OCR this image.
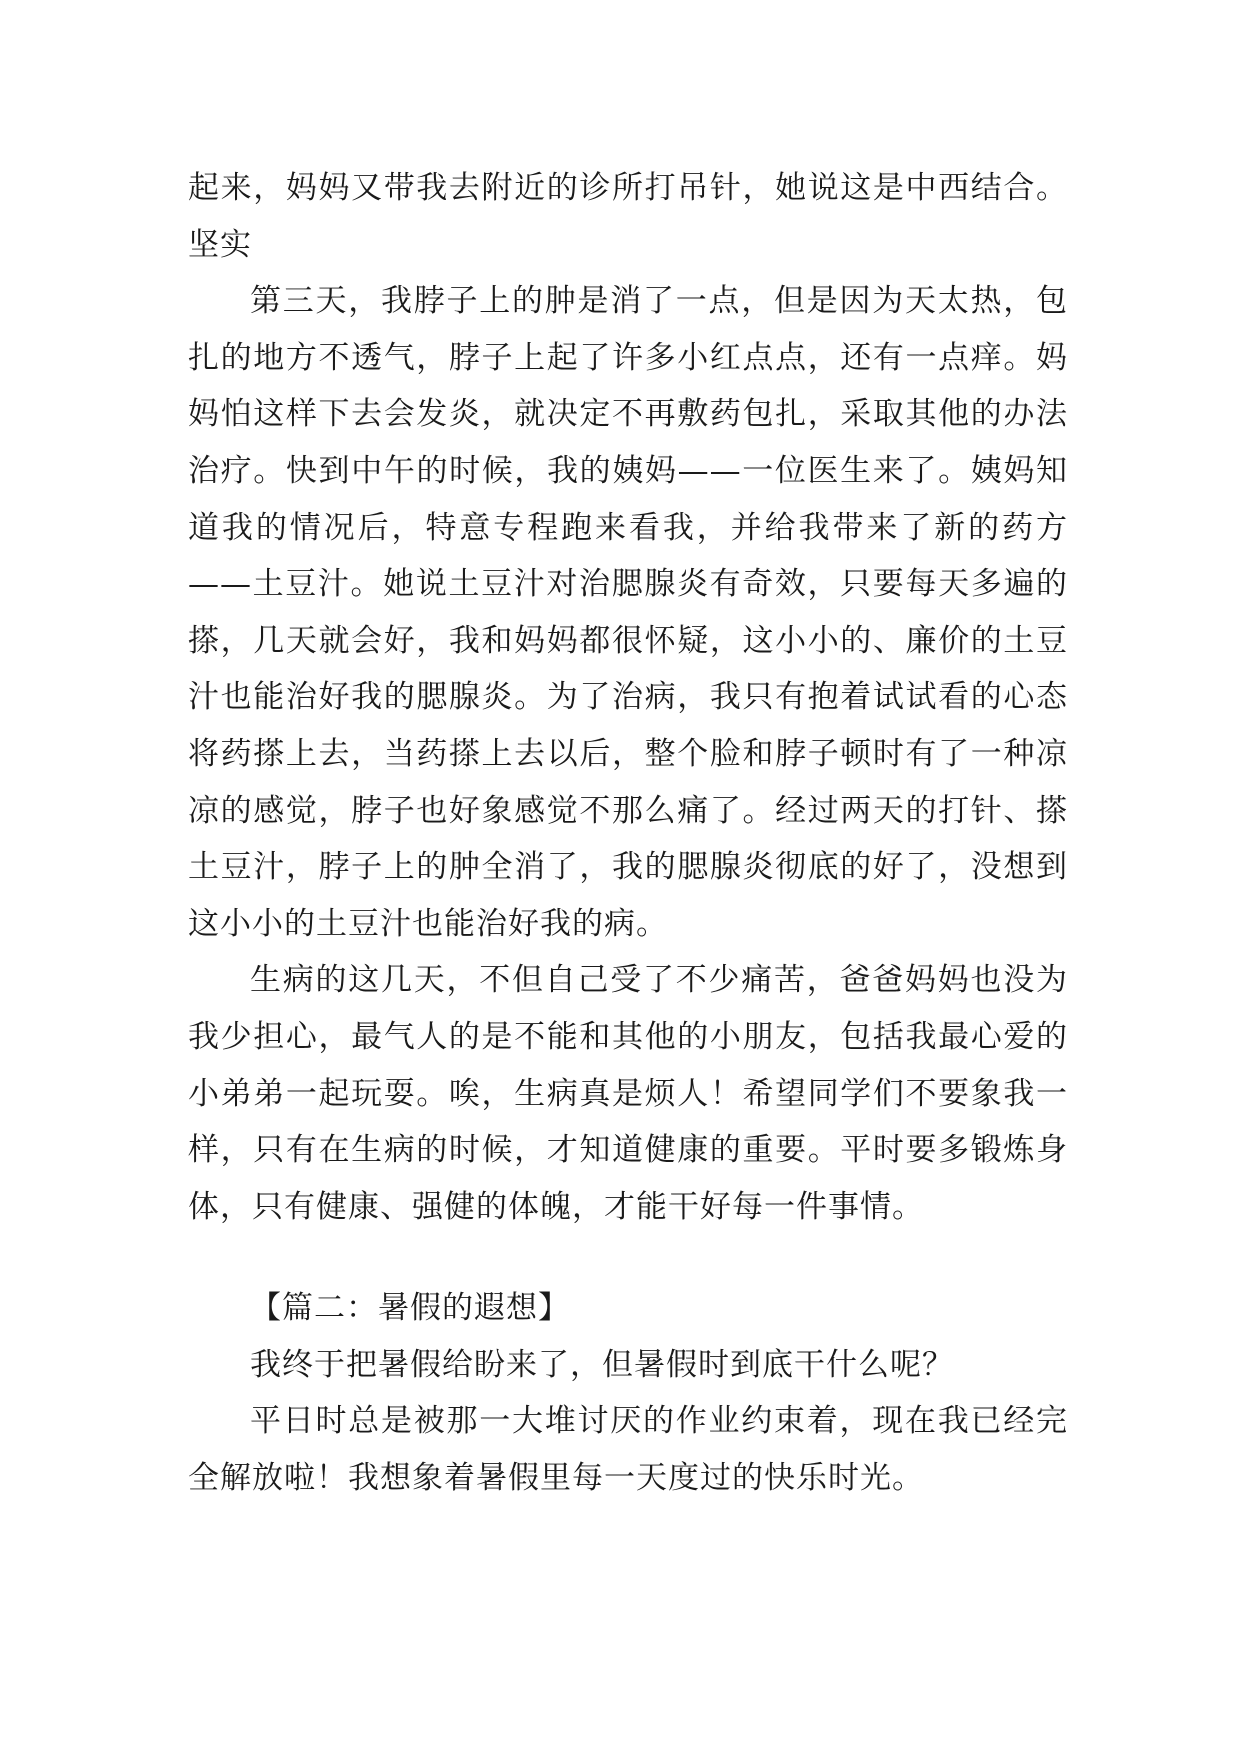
起来，妈妈又带我去附近的诊所打吊针，她说这是中西结合。坚实

第三天，我脖子上的肿是消了一点，但是因为天太热，包扎的地方不透气，脖子上起了许多小红点点，还有一点痒。妈妈怕这样下去会发炎，就决定不再敷药包扎，采取其他的办法治疗。快到中午的时候，我的姨妈——一位医生来了。姨妈知道我的情况后，特意专程跑来看我，并给我带来了新的药方——土豆汁。她说土豆汁对治腮腺炎有奇效，只要每天多遍的搽，几天就会好，我和妈妈都很怀疑，这小小的、廉价的土豆汁也能治好我的腮腺炎。为了治病，我只有抱着试试看的心态将药搽上去，当药搽上去以后，整个脸和脖子顿时有了一种凉凉的感觉，脖子也好象感觉不那么痛了。经过两天的打针、搽土豆汁，脖子上的肿全消了，我的腮腺炎彻底的好了，没想到这小小的土豆汁也能治好我的病。

生病的这几天，不但自己受了不少痛苦，爸爸妈妈也没为我少担心，最气人的是不能和其他的小朋友，包括我最心爱的小弟弟一起玩耍。唉，生病真是烦人！希望同学们不要象我一样，只有在生病的时候，才知道健康的重要。平时要多锻炼身体，只有健康、强健的体魄，才能干好每一件事情。

【篇二：暑假的遐想】

我终于把暑假给盼来了，但暑假时到底干什么呢？

平日时总是被那一大堆讨厌的作业约束着，现在我已经完全解放啦！我想象着暑假里每一天度过的快乐时光。
